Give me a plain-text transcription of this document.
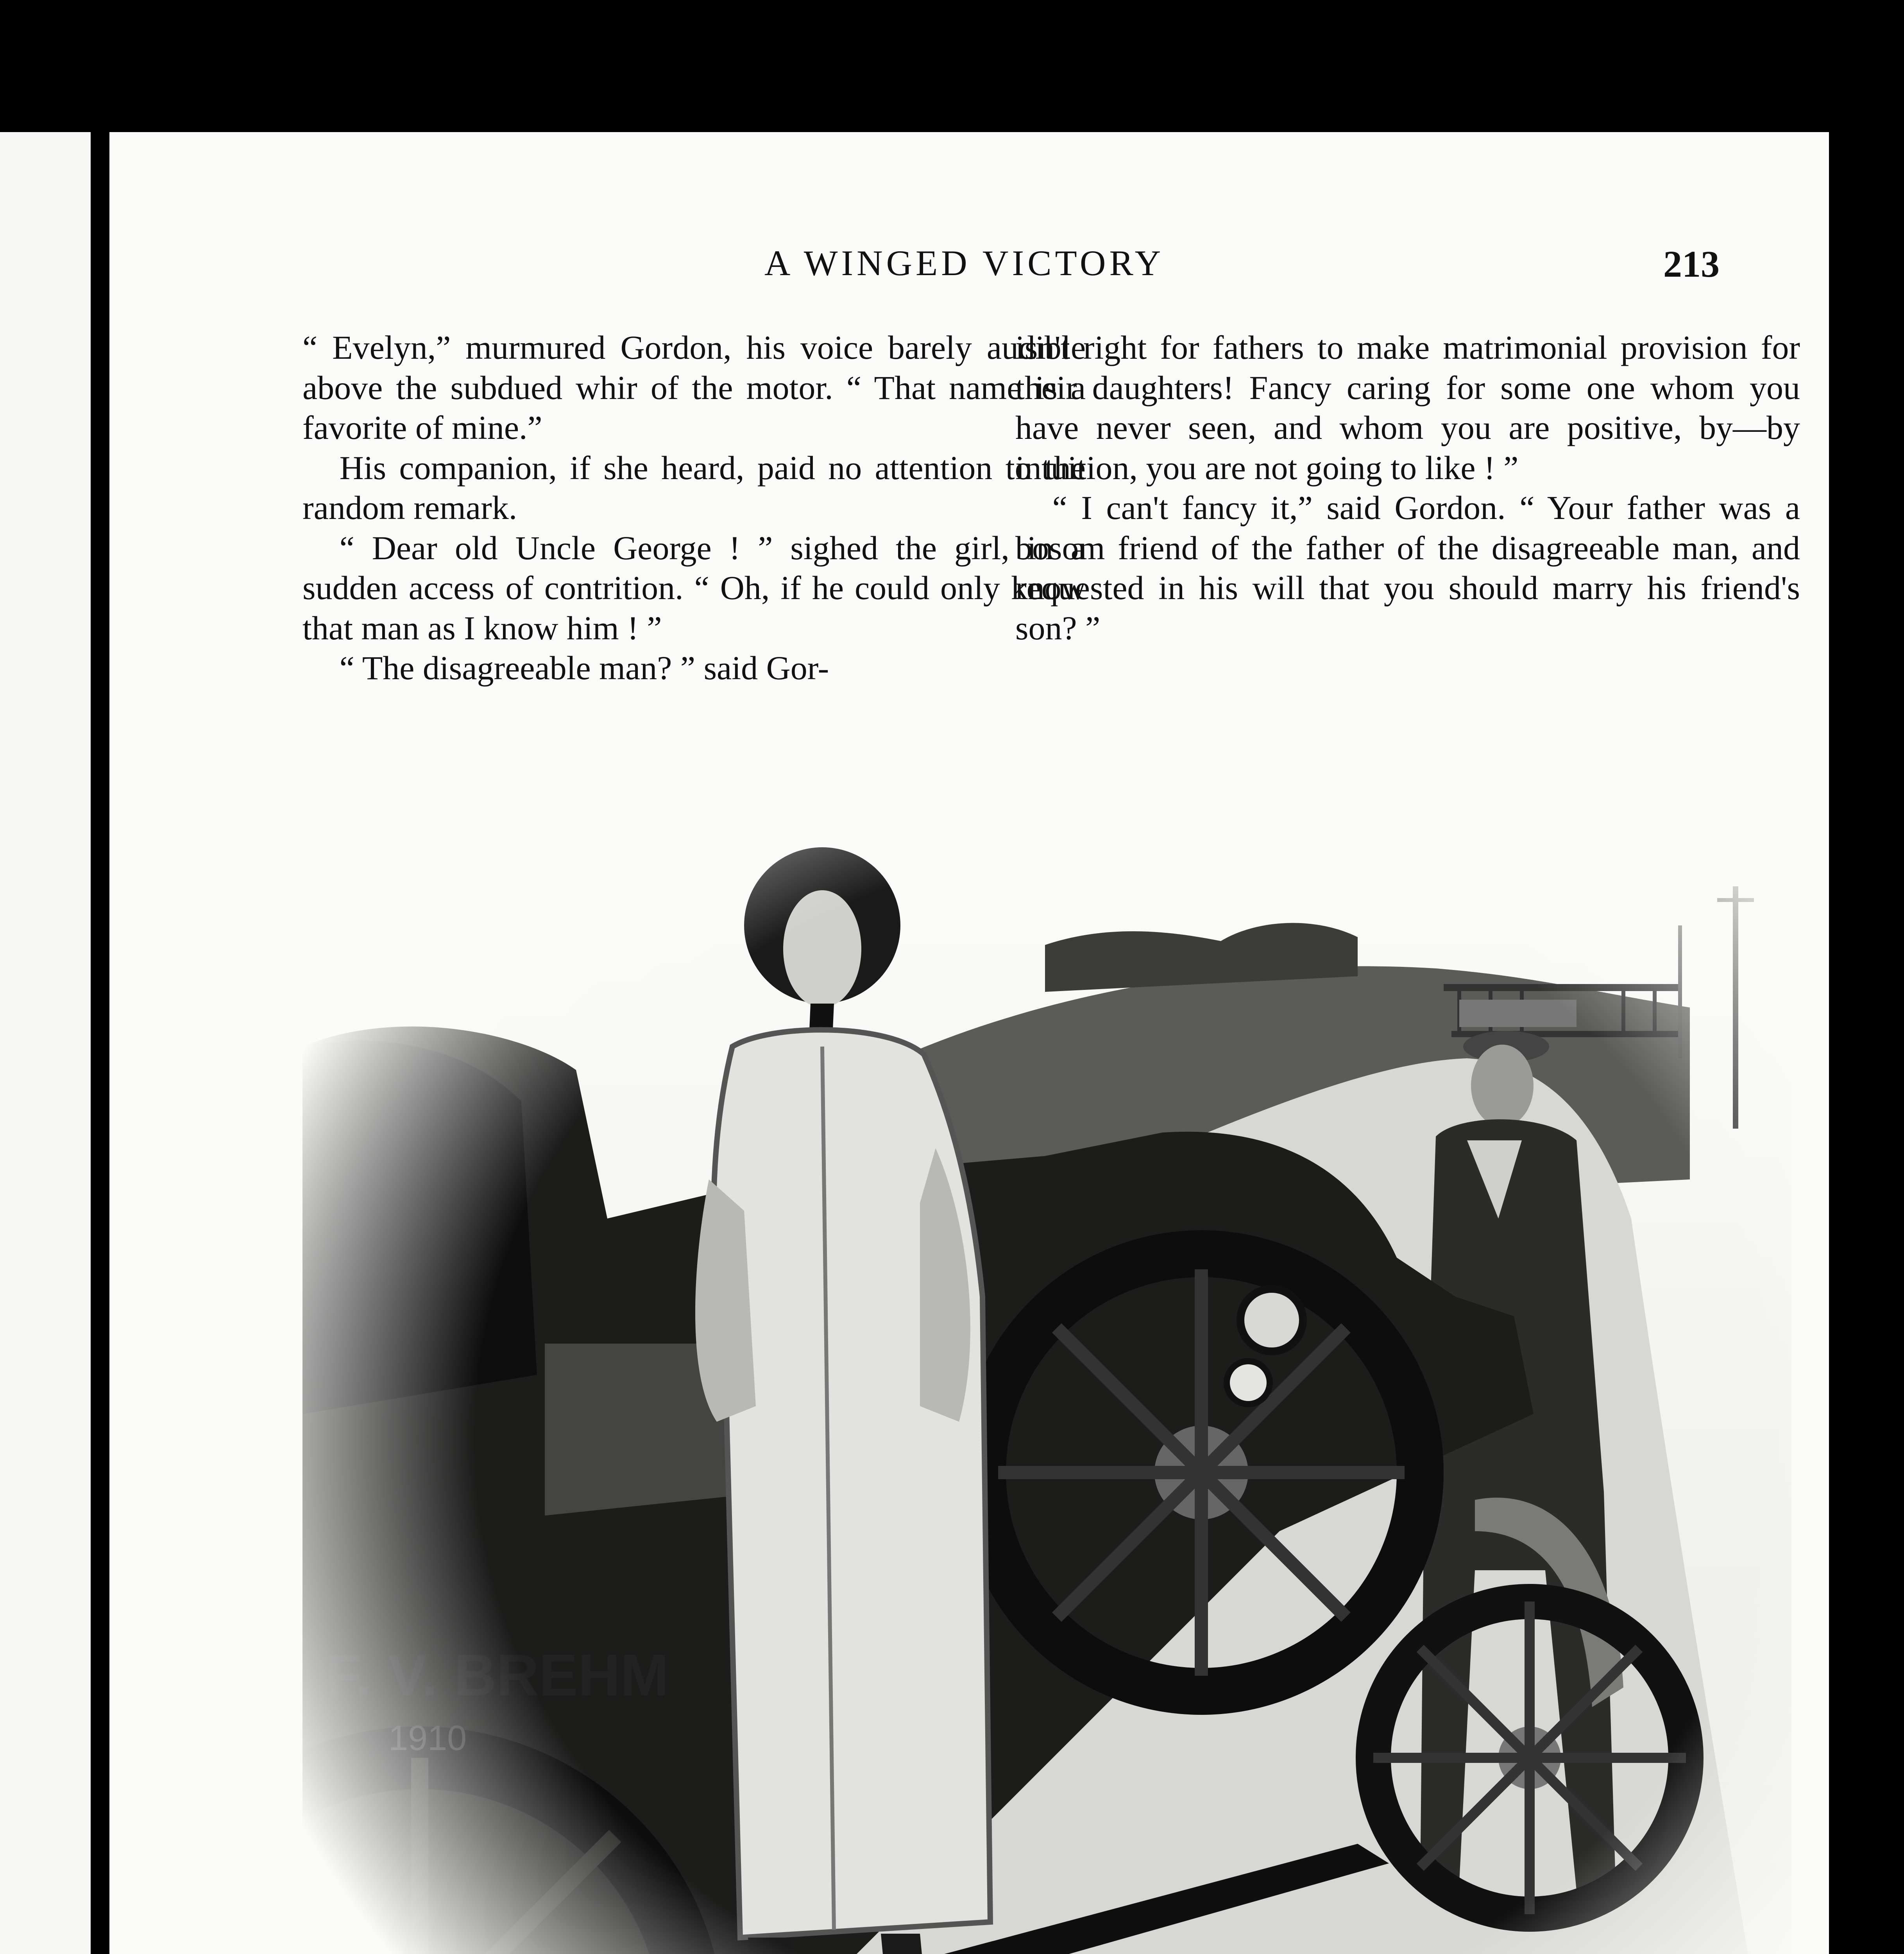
A WINGED VICTORY	213

“ Evelyn,” murmured Gordon, his voice barely audible above the subdued whir of the motor. “ That name is a favorite of mine.”

His companion, if she heard, paid no attention to the random remark.

“ Dear old Uncle George ! ” sighed the girl, in a sudden access of contrition. “ Oh, if he could only know that man as I know him ! ”

“ The disagreeable man? ” said Gor-

isn't right for fathers to make matrimonial provision for their daughters! Fancy caring for some one whom you have never seen, and whom you are positive, by—by intuition, you are not going to like ! ”

“ I can't fancy it,” said Gordon. “ Your father was a bosom friend of the father of the disagreeable man, and requested in his will that you should marry his friend's son? ”
